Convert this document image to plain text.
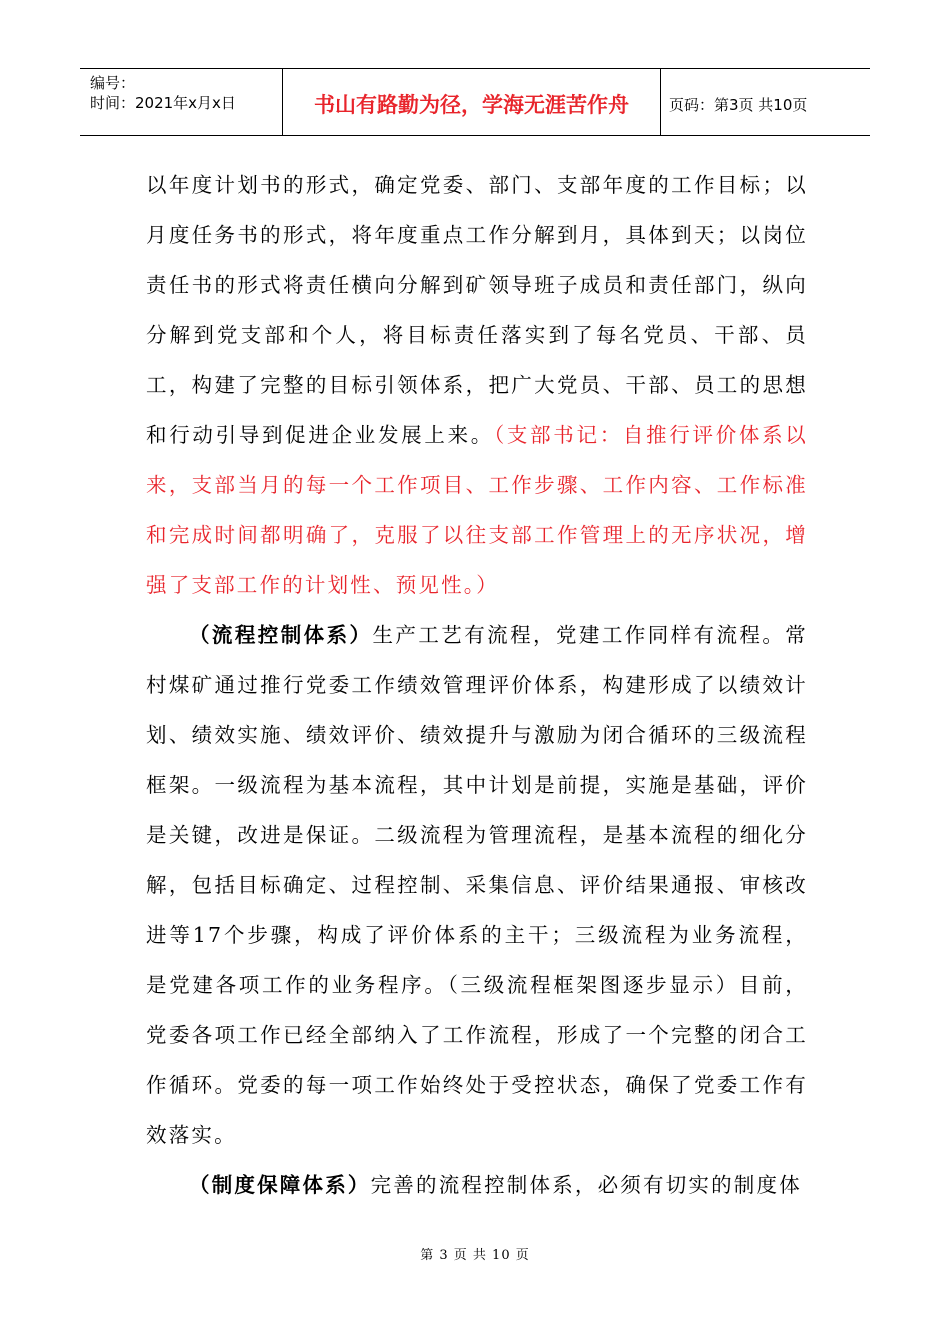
编号：
时间：2021年x月x日	书山有路勤为径，学海无涯苦作舟	页码：第3页 共10页

以年度计划书的形式，确定党委、部门、支部年度的工作目标；以月度任务书的形式，将年度重点工作分解到月，具体到天；以岗位责任书的形式将责任横向分解到矿领导班子成员和责任部门，纵向分解到党支部和个人，将目标责任落实到了每名党员、干部、员工，构建了完整的目标引领体系，把广大党员、干部、员工的思想和行动引导到促进企业发展上来。（支部书记：自推行评价体系以来，支部当月的每一个工作项目、工作步骤、工作内容、工作标准和完成时间都明确了，克服了以往支部工作管理上的无序状况，增强了支部工作的计划性、预见性。）

（流程控制体系）生产工艺有流程，党建工作同样有流程。常村煤矿通过推行党委工作绩效管理评价体系，构建形成了以绩效计划、绩效实施、绩效评价、绩效提升与激励为闭合循环的三级流程框架。一级流程为基本流程，其中计划是前提，实施是基础，评价是关键，改进是保证。二级流程为管理流程，是基本流程的细化分解，包括目标确定、过程控制、采集信息、评价结果通报、审核改进等17个步骤，构成了评价体系的主干；三级流程为业务流程，是党建各项工作的业务程序。（三级流程框架图逐步显示）目前，党委各项工作已经全部纳入了工作流程，形成了一个完整的闭合工作循环。党委的每一项工作始终处于受控状态，确保了党委工作有效落实。

（制度保障体系）完善的流程控制体系，必须有切实的制度体

第 3 页 共 10 页
